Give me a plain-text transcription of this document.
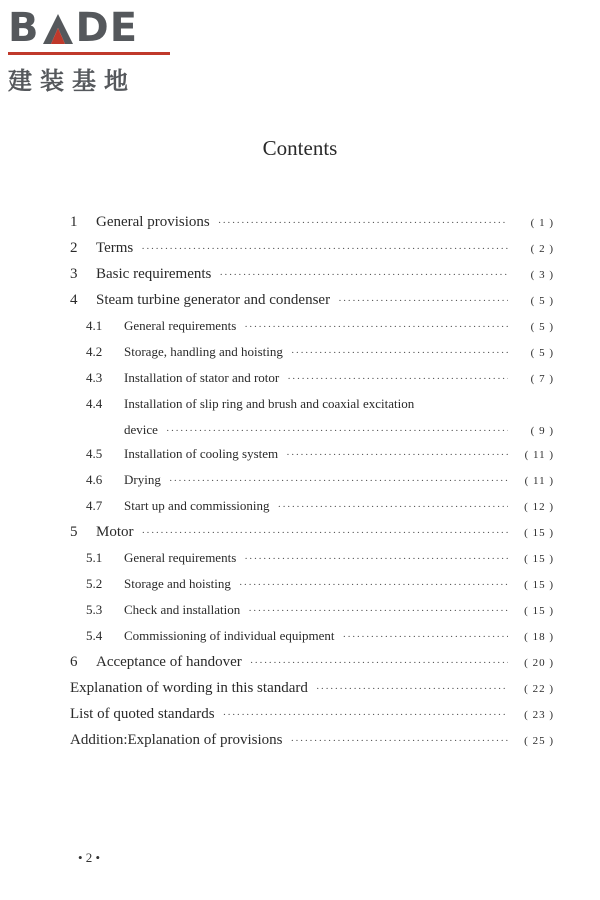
B DE
建装基地
Contents
1	General provisions ·····	( 1 )
2	Terms ·····	( 2 )
3	Basic requirements ·····	( 3 )
4	Steam turbine generator and condenser ·····	( 5 )
4.1	General requirements ·····	( 5 )
4.2	Storage, handling and hoisting ·····	( 5 )
4.3	Installation of stator and rotor ·····	( 7 )
4.4	Installation of slip ring and brush and coaxial excitation
device ·····	( 9 )
4.5	Installation of cooling system ·····	( 11 )
4.6	Drying ·····	( 11 )
4.7	Start up and commissioning ·····	( 12 )
5	Motor ·····	( 15 )
5.1	General requirements ·····	( 15 )
5.2	Storage and hoisting ·····	( 15 )
5.3	Check and installation ·····	( 15 )
5.4	Commissioning of individual equipment ·····	( 18 )
6	Acceptance of handover ·····	( 20 )
Explanation of wording in this standard ·····	( 22 )
List of quoted standards ·····	( 23 )
Addition:Explanation of provisions ·····	( 25 )
• 2 •
